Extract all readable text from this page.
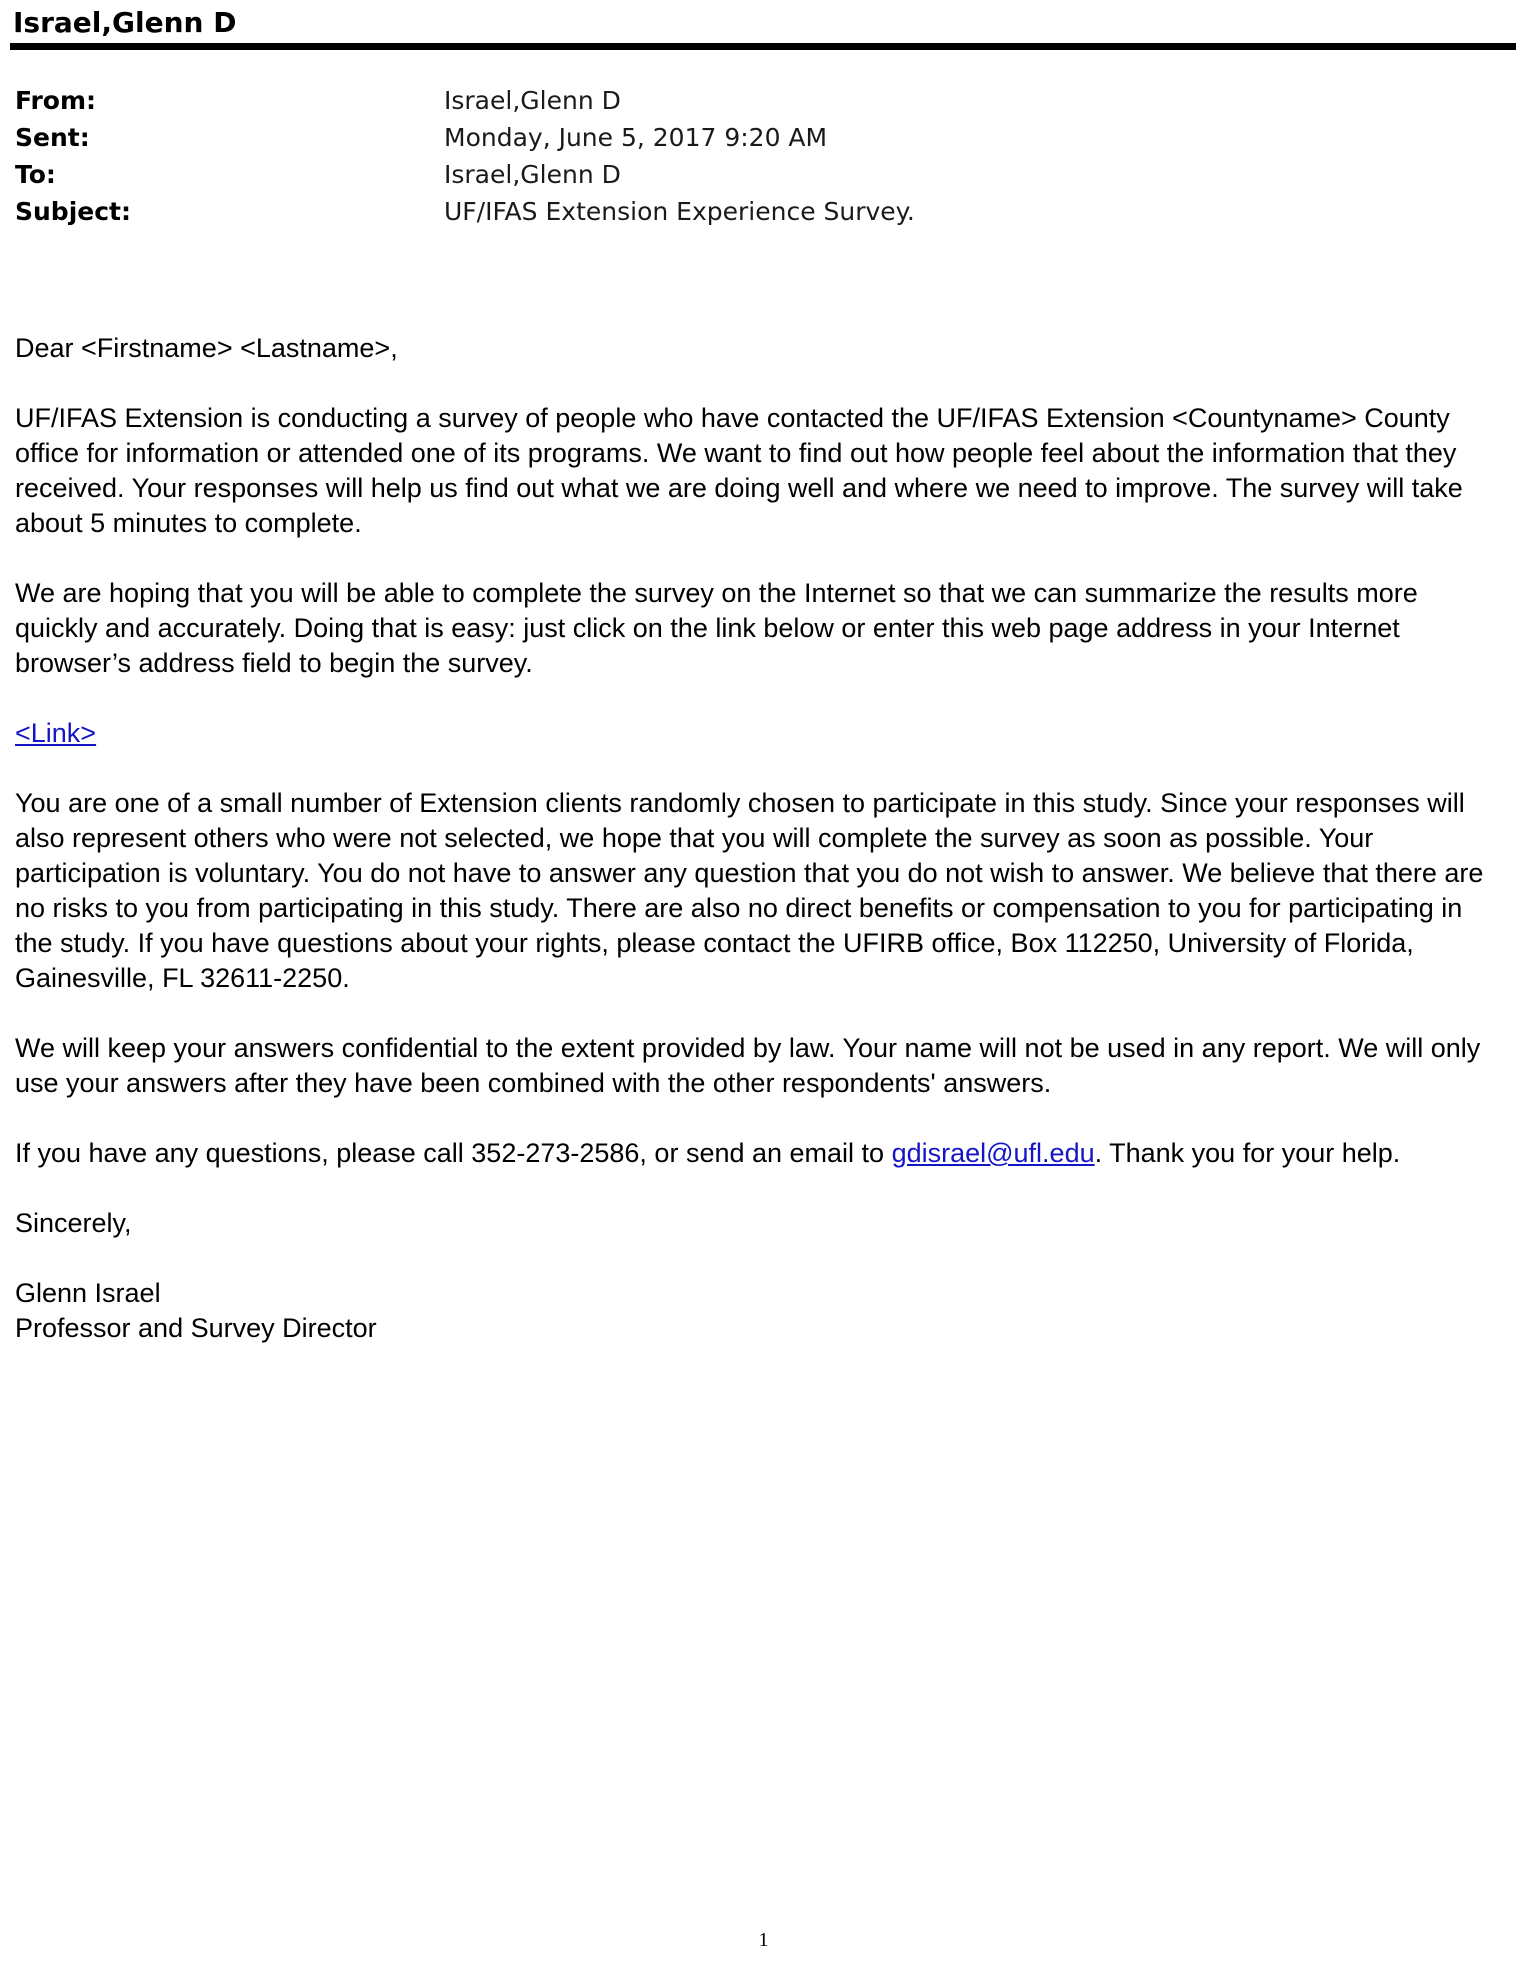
Israel,Glenn D
From:	Israel,Glenn D
Sent:	Monday, June 5, 2017 9:20 AM
To:	Israel,Glenn D
Subject:	UF/IFAS Extension Experience Survey.

Dear <Firstname> <Lastname>,

UF/IFAS Extension is conducting a survey of people who have contacted the UF/IFAS Extension <Countyname> County office for information or attended one of its programs. We want to find out how people feel about the information that they received. Your responses will help us find out what we are doing well and where we need to improve. The survey will take about 5 minutes to complete.

We are hoping that you will be able to complete the survey on the Internet so that we can summarize the results more quickly and accurately. Doing that is easy: just click on the link below or enter this web page address in your Internet browser’s address field to begin the survey.

<Link>

You are one of a small number of Extension clients randomly chosen to participate in this study. Since your responses will also represent others who were not selected, we hope that you will complete the survey as soon as possible. Your participation is voluntary. You do not have to answer any question that you do not wish to answer. We believe that there are no risks to you from participating in this study. There are also no direct benefits or compensation to you for participating in the study. If you have questions about your rights, please contact the UFIRB office, Box 112250, University of Florida, Gainesville, FL 32611-2250.

We will keep your answers confidential to the extent provided by law. Your name will not be used in any report. We will only use your answers after they have been combined with the other respondents' answers.

If you have any questions, please call 352-273-2586, or send an email to gdisrael@ufl.edu. Thank you for your help.

Sincerely,

Glenn Israel

Professor and Survey Director

1
